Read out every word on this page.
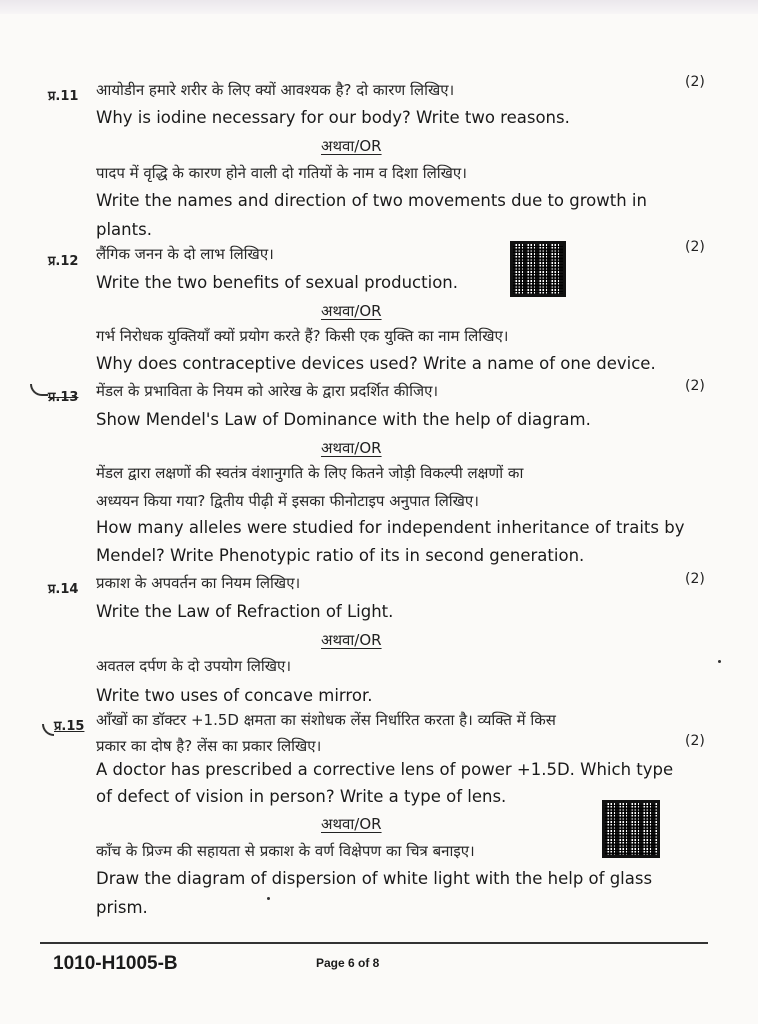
प्र.11
(2)
आयोडीन हमारे शरीर के लिए क्यों आवश्यक है? दो कारण लिखिए।
Why is iodine necessary for our body? Write two reasons.
अथवा/OR
पादप में वृद्धि के कारण होने वाली दो गतियों के नाम व दिशा लिखिए।
Write the names and direction of two movements due to growth in
plants.
प्र.12
(2)
लैंगिक जनन के दो लाभ लिखिए।
Write the two benefits of sexual production.
अथवा/OR
गर्भ निरोधक युक्तियाँ क्यों प्रयोग करते हैं? किसी एक युक्ति का नाम लिखिए।
Why does contraceptive devices used? Write a name of one device.
प्र.13
(2)
मेंडल के प्रभाविता के नियम को आरेख के द्वारा प्रदर्शित कीजिए।
Show Mendel's Law of Dominance with the help of diagram.
अथवा/OR
मेंडल द्वारा लक्षणों की स्वतंत्र वंशानुगति के लिए कितने जोड़ी विकल्पी लक्षणों का
अध्ययन किया गया? द्वितीय पीढ़ी में इसका फीनोटाइप अनुपात लिखिए।
How many alleles were studied for independent inheritance of traits by
Mendel? Write Phenotypic ratio of its in second generation.
प्र.14
(2)
प्रकाश के अपवर्तन का नियम लिखिए।
Write the Law of Refraction of Light.
अथवा/OR
अवतल दर्पण के दो उपयोग लिखिए।
Write two uses of concave mirror.
प्र.15
(2)
आँखों का डॉक्टर +1.5D क्षमता का संशोधक लेंस निर्धारित करता है। व्यक्ति में किस
प्रकार का दोष है? लेंस का प्रकार लिखिए।
A doctor has prescribed a corrective lens of power +1.5D. Which type
of defect of vision in person? Write a type of lens.
अथवा/OR
काँच के प्रिज्म की सहायता से प्रकाश के वर्ण विक्षेपण का चित्र बनाइए।
Draw the diagram of dispersion of white light with the help of glass
prism.
1010-H1005-B	Page 6 of 8
